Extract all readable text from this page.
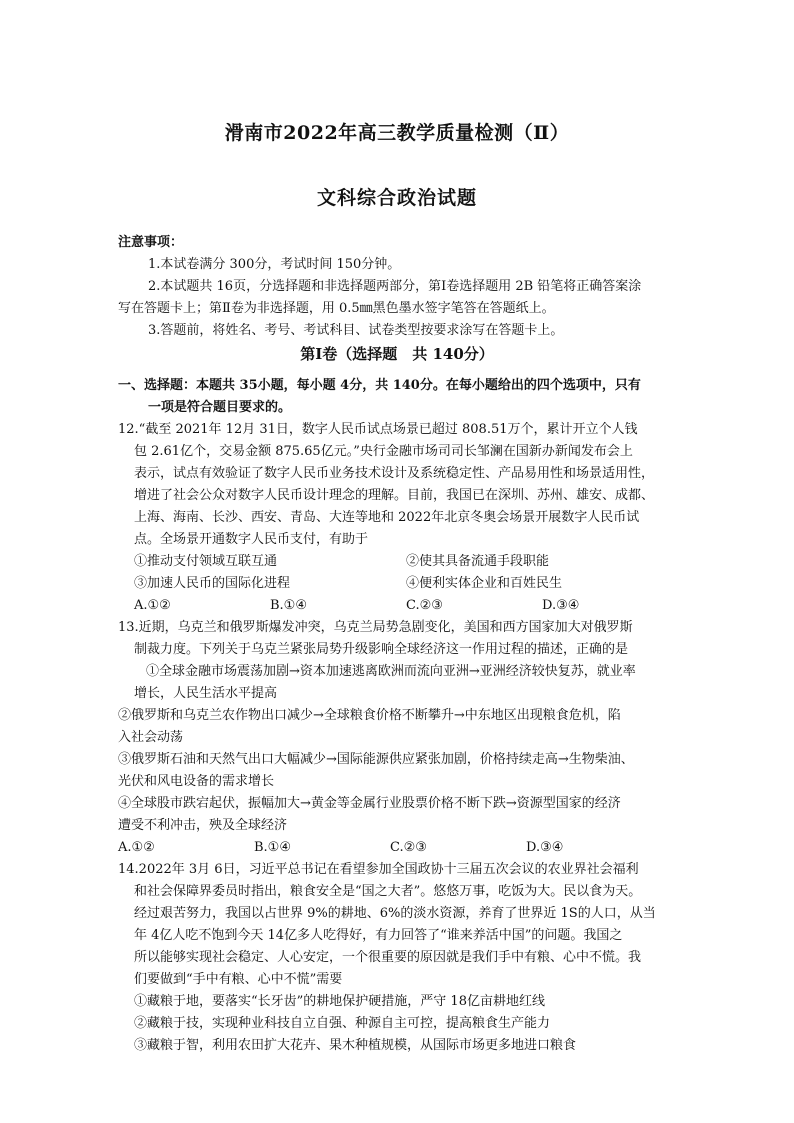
滑南市2022年高三教学质量检测（Ⅱ）
文科综合政治试题
注意事项：
1.本试卷满分 300分，考试时间 150分钟。
2.本试题共 16页，分选择题和非选择题两部分，第Ⅰ卷选择题用 2B 铅笔将正确答案涂
写在答题卡上；第Ⅱ卷为非选择题，用 0.5㎜黑色墨水签字笔答在答题纸上。
3.答题前，将姓名、考号、考试科目、试卷类型按要求涂写在答题卡上。
第Ⅰ卷（选择题　共 140分）
一、选择题：本题共 35小题，每小题 4分，共 140分。在每小题给出的四个选项中，只有
一项是符合题目要求的。
12.“截至 2021年 12月 31日，数字人民币试点场景已超过 808.51万个，累计开立个人钱
包 2.61亿个，交易金额 875.65亿元。”央行金融市场司司长邹澜在国新办新闻发布会上
表示，试点有效验证了数字人民币业务技术设计及系统稳定性、产品易用性和场景适用性，
增进了社会公众对数字人民币设计理念的理解。目前，我国已在深圳、苏州、雄安、成都、
上海、海南、长沙、西安、青岛、大连等地和 2022年北京冬奥会场景开展数字人民币试
点。全场景开通数字人民币支付，有助于
①推动支付领域互联互通	②使其具备流通手段职能
③加速人民币的国际化进程	④便利实体企业和百姓民生
A.①②	B.①④	C.②③	D.③④
13.近期，乌克兰和俄罗斯爆发冲突，乌克兰局势急剧变化，美国和西方国家加大对俄罗斯
制裁力度。下列关于乌克兰紧张局势升级影响全球经济这一作用过程的描述，正确的是
①全球金融市场震荡加剧→资本加速逃离欧洲而流向亚洲→亚洲经济较快复苏，就业率
增长，人民生活水平提高
②俄罗斯和乌克兰农作物出口减少→全球粮食价格不断攀升→中东地区出现粮食危机，陷
入社会动荡
③俄罗斯石油和天然气出口大幅减少→国际能源供应紧张加剧，价格持续走高→生物柴油、
光伏和风电设备的需求增长
④全球股市跌宕起伏，振幅加大→黄金等金属行业股票价格不断下跌→资源型国家的经济
遭受不利冲击，殃及全球经济
A.①②	B.①④	C.②③	D.③④
14.2022年 3月 6日，习近平总书记在看望参加全国政协十三届五次会议的农业界社会福利
和社会保障界委员时指出，粮食安全是“国之大者”。悠悠万事，吃饭为大。民以食为天。
经过艰苦努力，我国以占世界 9%的耕地、6%的淡水资源，养育了世界近 1S的人口，从当
年 4亿人吃不饱到今天 14亿多人吃得好，有力回答了“谁来养活中国”的问题。我国之
所以能够实现社会稳定、人心安定，一个很重要的原因就是我们手中有粮、心中不慌。我
们要做到“手中有粮、心中不慌”需要
①藏粮于地，要落实“长牙齿”的耕地保护硬措施，严守 18亿亩耕地红线
②藏粮于技，实现种业科技自立自强、种源自主可控，提高粮食生产能力
③藏粮于智，利用农田扩大花卉、果木种植规模，从国际市场更多地进口粮食
